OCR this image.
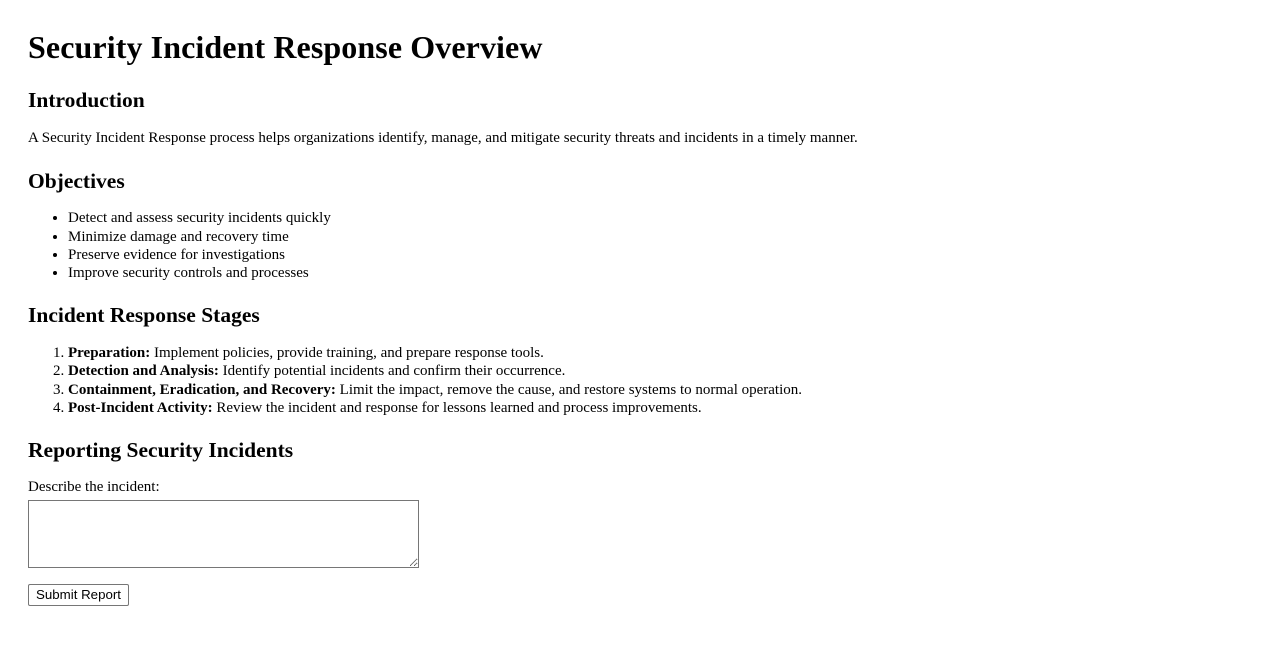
Security Incident Response Overview
Introduction

A Security Incident Response process helps organizations identify, manage, and mitigate security threats and incidents in a timely manner.

Objectives
• Detect and assess security incidents quickly
• Minimize damage and recovery time
• Preserve evidence for investigations
• Improve security controls and processes
Incident Response Stages
1. Preparation: Implement policies, provide training, and prepare response tools.
2. Detection and Analysis: Identify potential incidents and confirm their occurrence.
3. Containment, Eradication, and Recovery: Limit the impact, remove the cause, and restore systems to normal operation.
4. Post-Incident Activity: Review the incident and response for lessons learned and process improvements.
Reporting Security Incidents
Describe the incident:
Submit Report
